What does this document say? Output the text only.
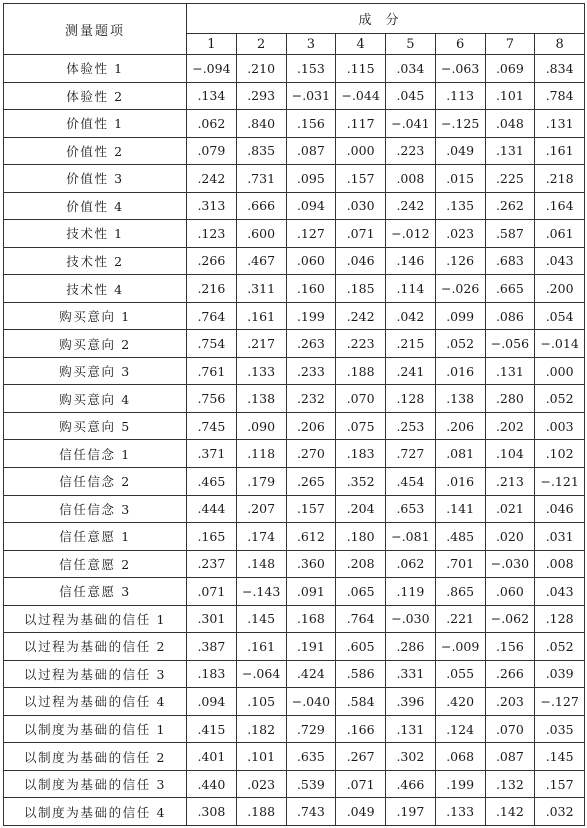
测量题项	成分							
	1	2	3	4	5	6	7	8
体验性 1	−.094	.210	.153	.115	.034	−.063	.069	.834
体验性 2	.134	.293	−.031	−.044	.045	.113	.101	.784
价值性 1	.062	.840	.156	.117	−.041	−.125	.048	.131
价值性 2	.079	.835	.087	.000	.223	.049	.131	.161
价值性 3	.242	.731	.095	.157	.008	.015	.225	.218
价值性 4	.313	.666	.094	.030	.242	.135	.262	.164
技术性 1	.123	.600	.127	.071	−.012	.023	.587	.061
技术性 2	.266	.467	.060	.046	.146	.126	.683	.043
技术性 4	.216	.311	.160	.185	.114	−.026	.665	.200
购买意向 1	.764	.161	.199	.242	.042	.099	.086	.054
购买意向 2	.754	.217	.263	.223	.215	.052	−.056	−.014
购买意向 3	.761	.133	.233	.188	.241	.016	.131	.000
购买意向 4	.756	.138	.232	.070	.128	.138	.280	.052
购买意向 5	.745	.090	.206	.075	.253	.206	.202	.003
信任信念 1	.371	.118	.270	.183	.727	.081	.104	.102
信任信念 2	.465	.179	.265	.352	.454	.016	.213	−.121
信任信念 3	.444	.207	.157	.204	.653	.141	.021	.046
信任意愿 1	.165	.174	.612	.180	−.081	.485	.020	.031
信任意愿 2	.237	.148	.360	.208	.062	.701	−.030	.008
信任意愿 3	.071	−.143	.091	.065	.119	.865	.060	.043
以过程为基础的信任 1	.301	.145	.168	.764	−.030	.221	−.062	.128
以过程为基础的信任 2	.387	.161	.191	.605	.286	−.009	.156	.052
以过程为基础的信任 3	.183	−.064	.424	.586	.331	.055	.266	.039
以过程为基础的信任 4	.094	.105	−.040	.584	.396	.420	.203	−.127
以制度为基础的信任 1	.415	.182	.729	.166	.131	.124	.070	.035
以制度为基础的信任 2	.401	.101	.635	.267	.302	.068	.087	.145
以制度为基础的信任 3	.440	.023	.539	.071	.466	.199	.132	.157
以制度为基础的信任 4	.308	.188	.743	.049	.197	.133	.142	.032
